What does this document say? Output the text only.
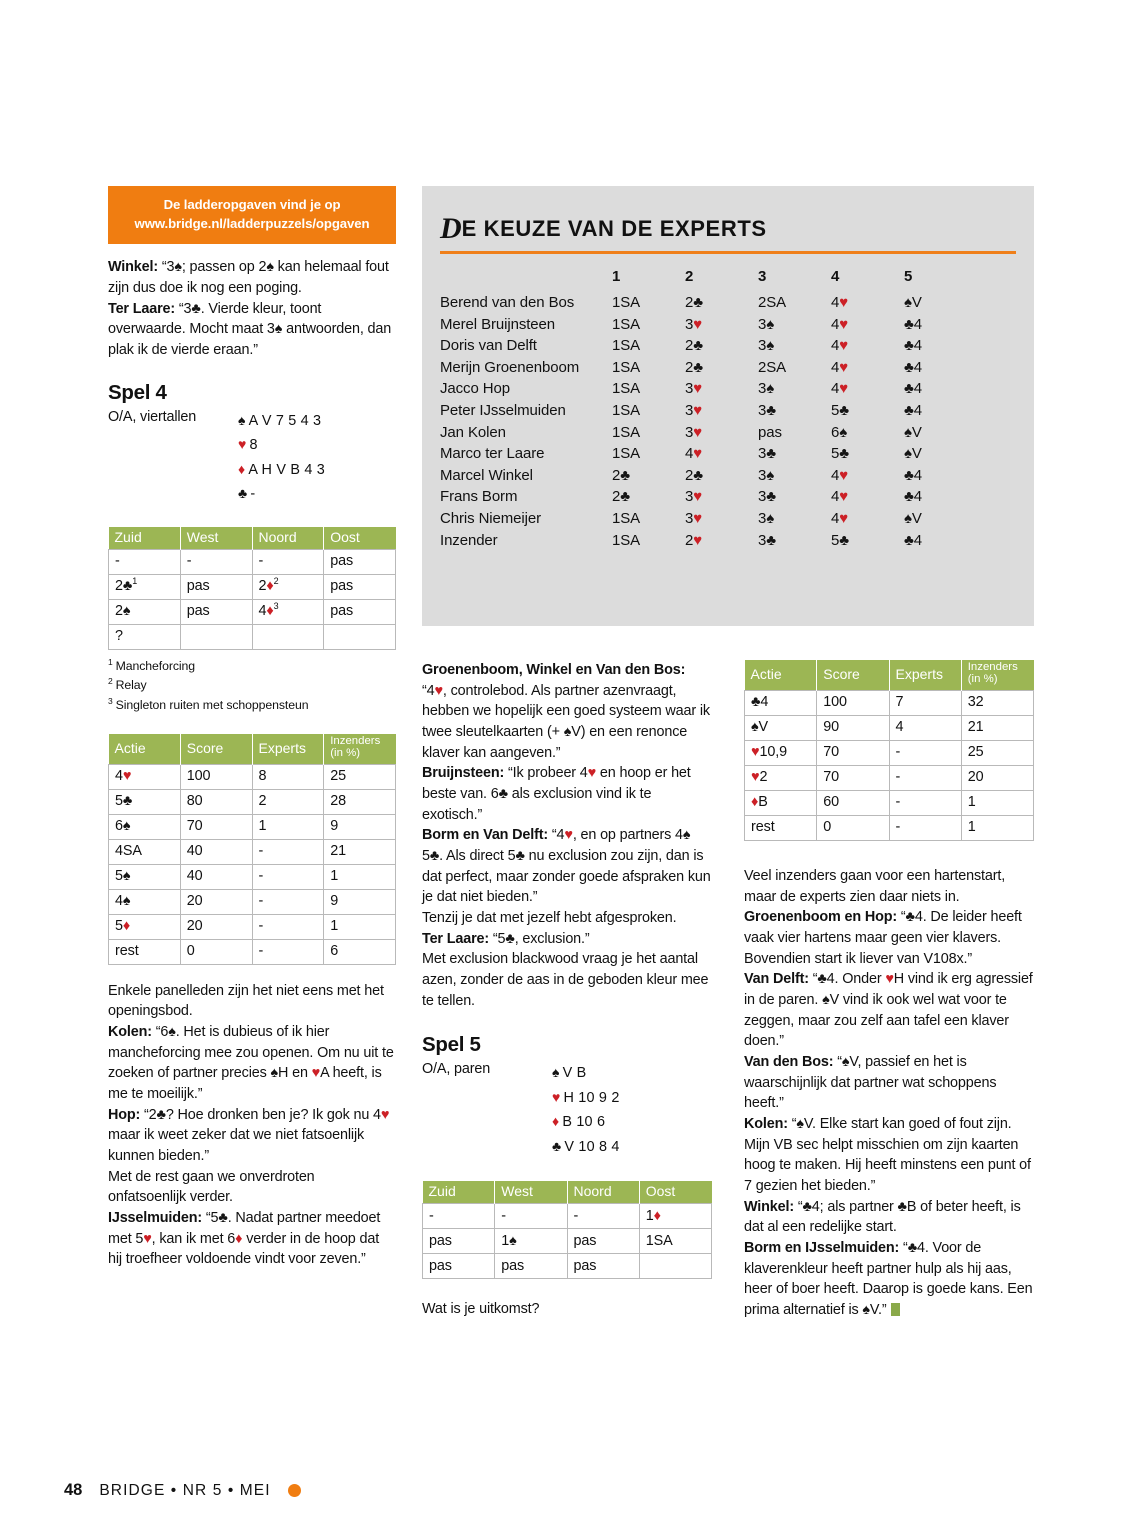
De ladderopgaven vind je op
www.bridge.nl/ladderpuzzels/opgaven

Winkel: “3♠; passen op 2♠ kan helemaal fout zijn dus doe ik nog een poging.

Ter Laare: “3♣. Vierde kleur, toont overwaarde. Mocht maat 3♠ antwoorden, dan plak ik de vierde eraan.”

Spel 4
O/A, viertallen	♠ A V 7 5 4 3
♥ 8
♦ A H V B 4 3
♣ -
Zuid	West	Noord	Oost
-	-	-	pas
2♣$^1$	pas	2♦$^2$	pas
2♠	pas	4♦$^3$	pas
?			
$^1$ Mancheforcing
$^2$ Relay
$^3$ Singleton ruiten met schoppensteun
Actie	Score	Experts	Inzenders
(in %)
4♥	100	8	25
5♣	80	2	28
6♠	70	1	9
4SA	40	-	21
5♠	40	-	1
4♠	20	-	9
5♦	20	-	1
rest	0	-	6

Enkele panelleden zijn het niet eens met het openingsbod.

Kolen: “6♠. Het is dubieus of ik hier mancheforcing mee zou openen. Om nu uit te zoeken of partner precies ♠H en ♥A heeft, is me te moeilijk.”

Hop: “2♣? Hoe dronken ben je? Ik gok nu 4♥ maar ik weet zeker dat we niet fatsoenlijk kunnen bieden.”

Met de rest gaan we onverdroten onfatsoenlijk verder.

IJsselmuiden: “5♣. Nadat partner meedoet met 5♥, kan ik met 6♦ verder in de hoop dat hij troefheer voldoende vindt voor zeven.”

DE KEUZE VAN DE EXPERTS
	1	2	3	4	5
Berend van den Bos	1SA	2♣	2SA	4♥	♠V
Merel Bruijnsteen	1SA	3♥	3♠	4♥	♣4
Doris van Delft	1SA	2♣	3♠	4♥	♣4
Merijn Groenenboom	1SA	2♣	2SA	4♥	♣4
Jacco Hop	1SA	3♥	3♠	4♥	♣4
Peter IJsselmuiden	1SA	3♥	3♣	5♣	♣4
Jan Kolen	1SA	3♥	pas	6♠	♠V
Marco ter Laare	1SA	4♥	3♣	5♣	♠V
Marcel Winkel	2♣	2♣	3♠	4♥	♣4
Frans Borm	2♣	3♥	3♣	4♥	♣4
Chris Niemeijer	1SA	3♥	3♠	4♥	♠V
Inzender	1SA	2♥	3♣	5♣	♣4

Groenenboom, Winkel en Van den Bos: “4♥, controlebod. Als partner azenvraagt, hebben we hopelijk een goed systeem waar ik twee sleutelkaarten (+ ♠V) en een renonce klaver kan aangeven.”

Bruijnsteen: “Ik probeer 4♥ en hoop er het beste van. 6♣ als exclusion vind ik te exotisch.”

Borm en Van Delft: “4♥, en op partners 4♠ 5♣. Als direct 5♣ nu exclusion zou zijn, dan is dat perfect, maar zonder goede afspraken kun je dat niet bieden.”

Tenzij je dat met jezelf hebt afgesproken.

Ter Laare: “5♣, exclusion.”

Met exclusion blackwood vraag je het aantal azen, zonder de aas in de geboden kleur mee te tellen.

Spel 5
O/A, paren	♠ V B
♥ H 10 9 2
♦ B 10 6
♣ V 10 8 4
Zuid	West	Noord	Oost
-	-	-	1♦
pas	1♠	pas	1SA
pas	pas	pas	
Wat is je uitkomst?
Actie	Score	Experts	Inzenders
(in %)
♣4	100	7	32
♠V	90	4	21
♥10,9	70	-	25
♥2	70	-	20
♦B	60	-	1
rest	0	-	1

Veel inzenders gaan voor een hartenstart, maar de experts zien daar niets in.

Groenenboom en Hop: “♣4. De leider heeft vaak vier hartens maar geen vier klavers. Bovendien start ik liever van V108x.”

Van Delft: “♣4. Onder ♥H vind ik erg agressief in de paren. ♠V vind ik ook wel wat voor te zeggen, maar zou zelf aan tafel een klaver doen.”

Van den Bos: “♠V, passief en het is waarschijnlijk dat partner wat schoppens heeft.”

Kolen: “♠V. Elke start kan goed of fout zijn. Mijn VB sec helpt misschien om zijn kaarten hoog te maken. Hij heeft minstens een punt of 7 gezien het bieden.”

Winkel: “♣4; als partner ♣B of beter heeft, is dat al een redelijke start.

Borm en IJsselmuiden: “♣4. Voor de klaverenkleur heeft partner hulp als hij aas, heer of boer heeft. Daarop is goede kans. Een prima alternatief is ♠V.”

48 BRIDGE • NR 5 • MEI
